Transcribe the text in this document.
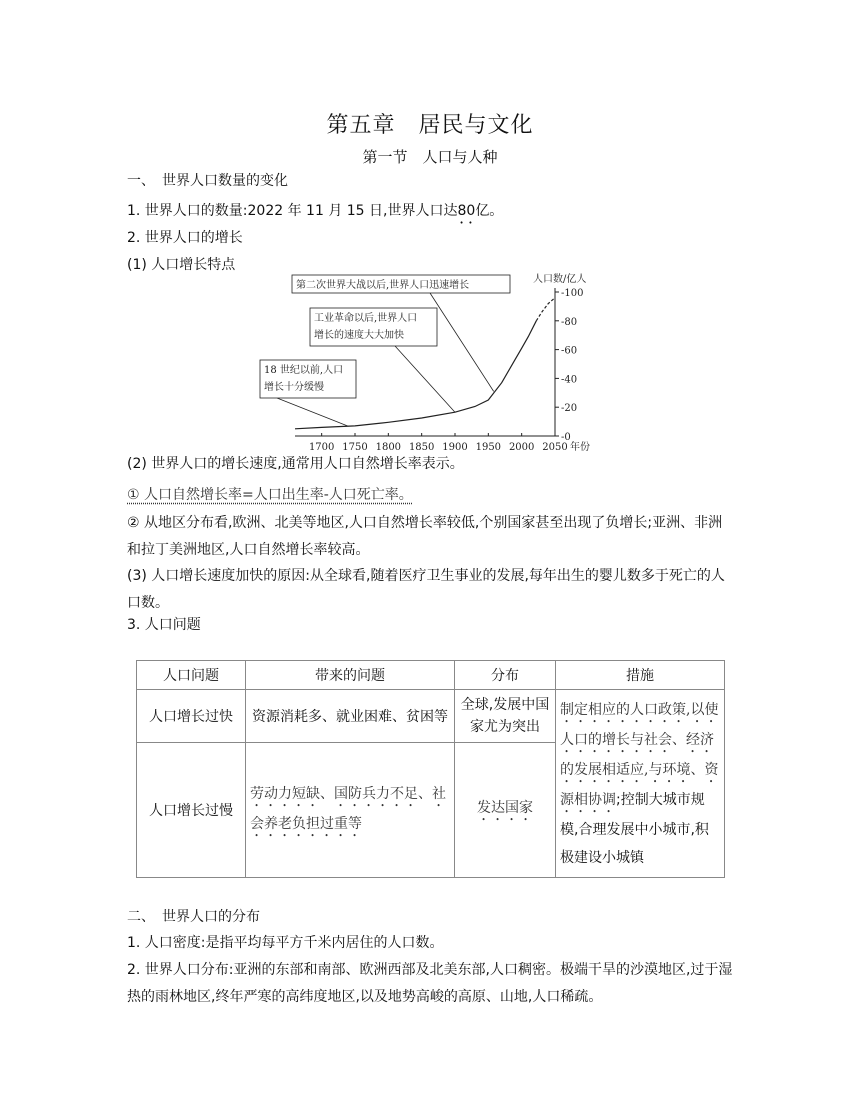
第五章　居民与文化
第一节　人口与人种
一、　世界人口数量的变化
1. 世界人口的数量:2022 年 11 月 15 日,世界人口达80亿。
2. 世界人口的增长
(1) 人口增长特点
人口数/亿人
1700 1750 1800 1850 1900 1950 2000 2050 年份
-0
-20
-40
-60
-80
-100
第二次世界大战以后,世界人口迅速增长
工业革命以后,世界人口
增长的速度大大加快
18 世纪以前,人口
增长十分缓慢
(2) 世界人口的增长速度,通常用人口自然增长率表示。
① 人口自然增长率=人口出生率-人口死亡率。
② 从地区分布看,欧洲、北美等地区,人口自然增长率较低,个别国家甚至出现了负增长;亚洲、非洲和拉丁美洲地区,人口自然增长率较高。
(3) 人口增长速度加快的原因:从全球看,随着医疗卫生事业的发展,每年出生的婴儿数多于死亡的人口数。
3. 人口问题
人口问题	带来的问题	分布	措施
人口增长过快	资源消耗多、就业困难、贫困等	全球,发展中国家尤为突出	制定相应的人口政策,以使人口的增长与社会、经济的发展相适应,与环境、资源相协调;控制大城市规模,合理发展中小城市,积极建设小城镇
人口增长过慢	劳动力短缺、国防兵力不足、社会养老负担过重等	发达国家	
二、　世界人口的分布
1. 人口密度:是指平均每平方千米内居住的人口数。
2. 世界人口分布:亚洲的东部和南部、欧洲西部及北美东部,人口稠密。极端干旱的沙漠地区,过于湿热的雨林地区,终年严寒的高纬度地区,以及地势高峻的高原、山地,人口稀疏。
